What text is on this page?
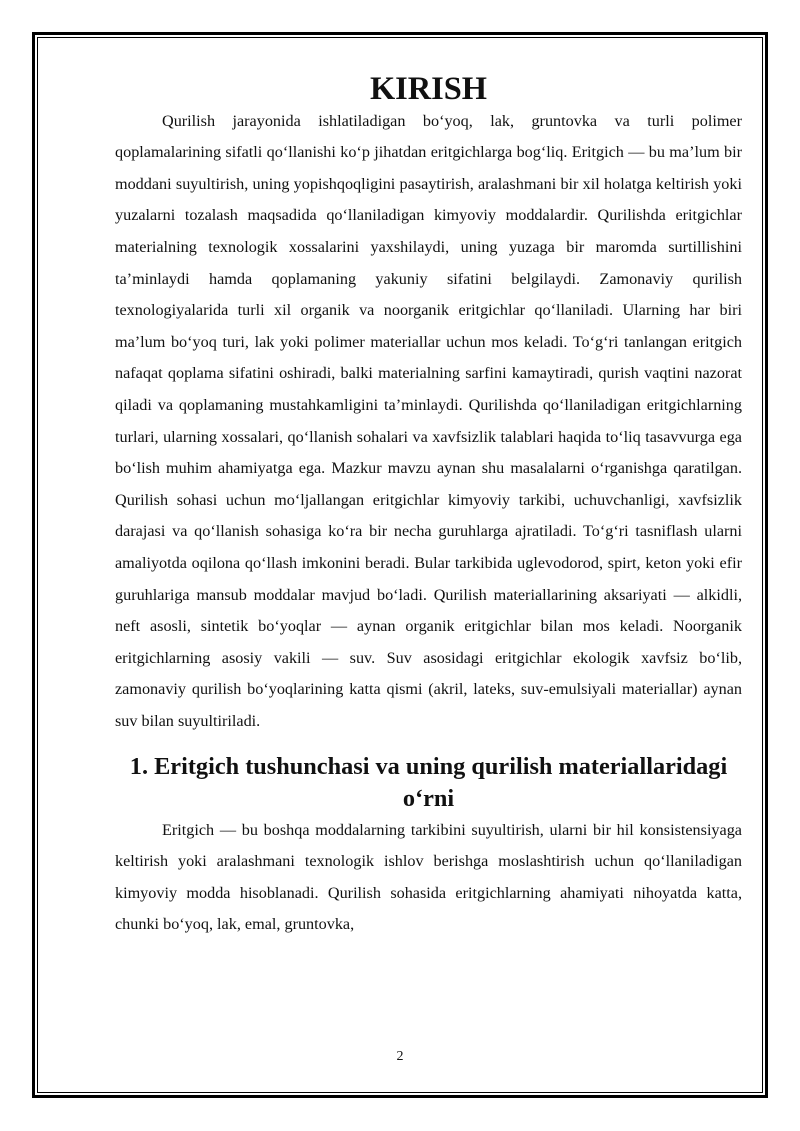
KIRISH

Qurilish jarayonida ishlatiladigan bo‘yoq, lak, gruntovka va turli polimer qoplamalarining sifatli qo‘llanishi ko‘p jihatdan eritgichlarga bog‘liq. Eritgich — bu ma’lum bir moddani suyultirish, uning yopishqoqligini pasaytirish, aralashmani bir xil holatga keltirish yoki yuzalarni tozalash maqsadida qo‘llaniladigan kimyoviy moddalardir. Qurilishda eritgichlar materialning texnologik xossalarini yaxshilaydi, uning yuzaga bir maromda surtillishini ta’minlaydi hamda qoplamaning yakuniy sifatini belgilaydi. Zamonaviy qurilish texnologiyalarida turli xil organik va noorganik eritgichlar qo‘llaniladi. Ularning har biri ma’lum bo‘yoq turi, lak yoki polimer materiallar uchun mos keladi. To‘g‘ri tanlangan eritgich nafaqat qoplama sifatini oshiradi, balki materialning sarfini kamaytiradi, qurish vaqtini nazorat qiladi va qoplamaning mustahkamligini ta’minlaydi. Qurilishda qo‘llaniladigan eritgichlarning turlari, ularning xossalari, qo‘llanish sohalari va xavfsizlik talablari haqida to‘liq tasavvurga ega bo‘lish muhim ahamiyatga ega. Mazkur mavzu aynan shu masalalarni o‘rganishga qaratilgan. Qurilish sohasi uchun mo‘ljallangan eritgichlar kimyoviy tarkibi, uchuvchanligi, xavfsizlik darajasi va qo‘llanish sohasiga ko‘ra bir necha guruhlarga ajratiladi. To‘g‘ri tasniflash ularni amaliyotda oqilona qo‘llash imkonini beradi. Bular tarkibida uglevodorod, spirt, keton yoki efir guruhlariga mansub moddalar mavjud bo‘ladi. Qurilish materiallarining aksariyati — alkidli, neft asosli, sintetik bo‘yoqlar — aynan organik eritgichlar bilan mos keladi. Noorganik eritgichlarning asosiy vakili — suv. Suv asosidagi eritgichlar ekologik xavfsiz bo‘lib, zamonaviy qurilish bo‘yoqlarining katta qismi (akril, lateks, suv-emulsiyali materiallar) aynan suv bilan suyultiriladi.

1. Eritgich tushunchasi va uning qurilish materiallaridagi o‘rni

Eritgich — bu boshqa moddalarning tarkibini suyultirish, ularni bir hil konsistensiyaga keltirish yoki aralashmani texnologik ishlov berishga moslashtirish uchun qo‘llaniladigan kimyoviy modda hisoblanadi. Qurilish sohasida eritgichlarning ahamiyati nihoyatda katta, chunki bo‘yoq, lak, emal, gruntovka,

2
